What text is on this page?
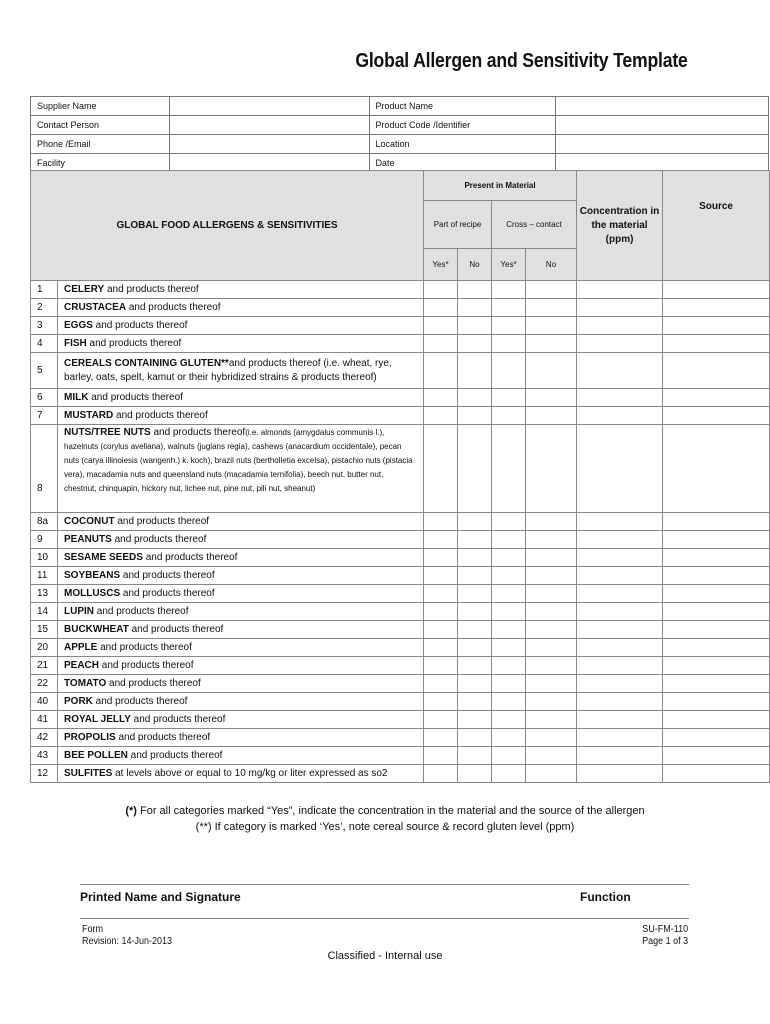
Global Allergen and Sensitivity Template
Supplier Name		Product Name	
Contact Person		Product Code /Identifier	
Phone /Email		Location	
Facility		Date	
GLOBAL FOOD ALLERGENS & SENSITIVITIES		Present in Material				Concentration in the material (ppm)	Source
		Part of recipe		Cross – contact			
		Yes*	No	Yes*	No		
1	CELERY and products thereof						
2	CRUSTACEA and products thereof						
3	EGGS and products thereof						
4	FISH and products thereof						
5	CEREALS CONTAINING GLUTEN**and products thereof (i.e. wheat, rye, barley, oats, spelt, kamut or their hybridized strains & products thereof)						
6	MILK and products thereof						
7	MUSTARD and products thereof						
8	NUTS/TREE NUTS and products thereof(i.e. almonds (amygdalus communis l.), hazelnuts (corylus avellana), walnuts (juglans regia), cashews (anacardium occidentale), pecan nuts (carya illinoiesis (wangenh.) k. koch), brazil nuts (bertholletia excelsa), pistachio nuts (pistacia vera), macadamia nuts and queensland nuts (macadamia ternifolia), beech nut, butter nut, chestnut, chinquapin, hickory nut, lichee nut, pine nut, pili nut, sheanut)						
8a	COCONUT and products thereof						
9	PEANUTS and products thereof						
10	SESAME SEEDS and products thereof						
11	SOYBEANS and products thereof						
13	MOLLUSCS and products thereof						
14	LUPIN and products thereof						
15	BUCKWHEAT and products thereof						
20	APPLE and products thereof						
21	PEACH and products thereof						
22	TOMATO and products thereof						
40	PORK and products thereof						
41	ROYAL JELLY and products thereof						
42	PROPOLIS and products thereof						
43	BEE POLLEN and products thereof						
12	SULFITES at levels above or equal to 10 mg/kg or liter expressed as so2						
(*) For all categories marked “Yes”, indicate the concentration in the material and the source of the allergen
(**) If category is marked ‘Yes’, note cereal source & record gluten level (ppm)
Printed Name and Signature	Function
Form
Revision: 14-Jun-2013
SU-FM-110
Page 1 of 3
Classified - Internal use
